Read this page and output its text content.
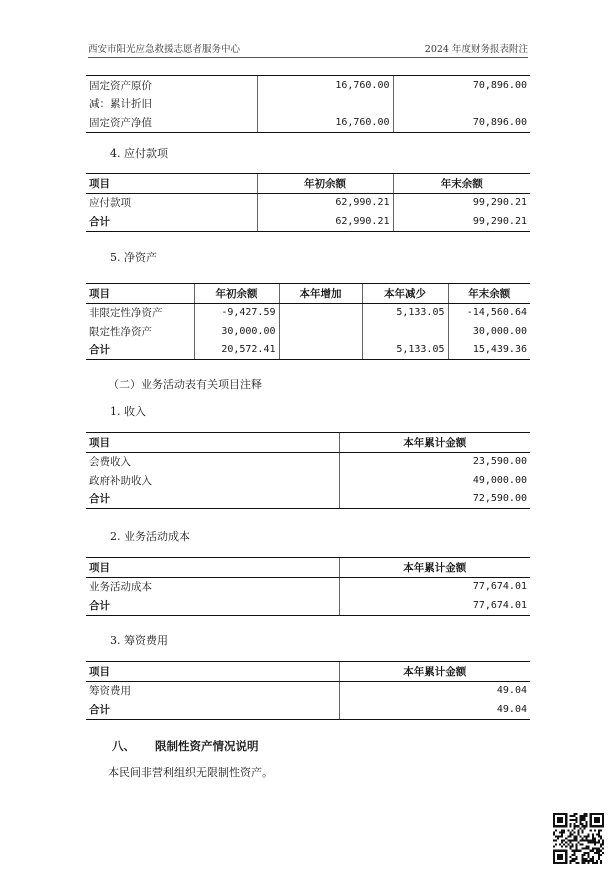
西安市阳光应急救援志愿者服务中心	2024 年度财务报表附注
固定资产原价	16,760.00	70,896.00
减：累计折旧		
固定资产净值	16,760.00	70,896.00
4. 应付款项
项目	年初余额	年末余额
应付款项	62,990.21	99,290.21
合计	62,990.21	99,290.21
5. 净资产
项目	年初余额	本年增加	本年减少	年末余额
非限定性净资产	-9,427.59		5,133.05	-14,560.64
限定性净资产	30,000.00			30,000.00
合计	20,572.41		5,133.05	15,439.36
（二）业务活动表有关项目注释
1. 收入
项目	本年累计金额
会费收入	23,590.00
政府补助收入	49,000.00
合计	72,590.00
2. 业务活动成本
项目	本年累计金额
业务活动成本	77,674.01
合计	77,674.01
3. 筹资费用
项目	本年累计金额
筹资费用	49.04
合计	49.04
八、 限制性资产情况说明
本民间非营利组织无限制性资产。
